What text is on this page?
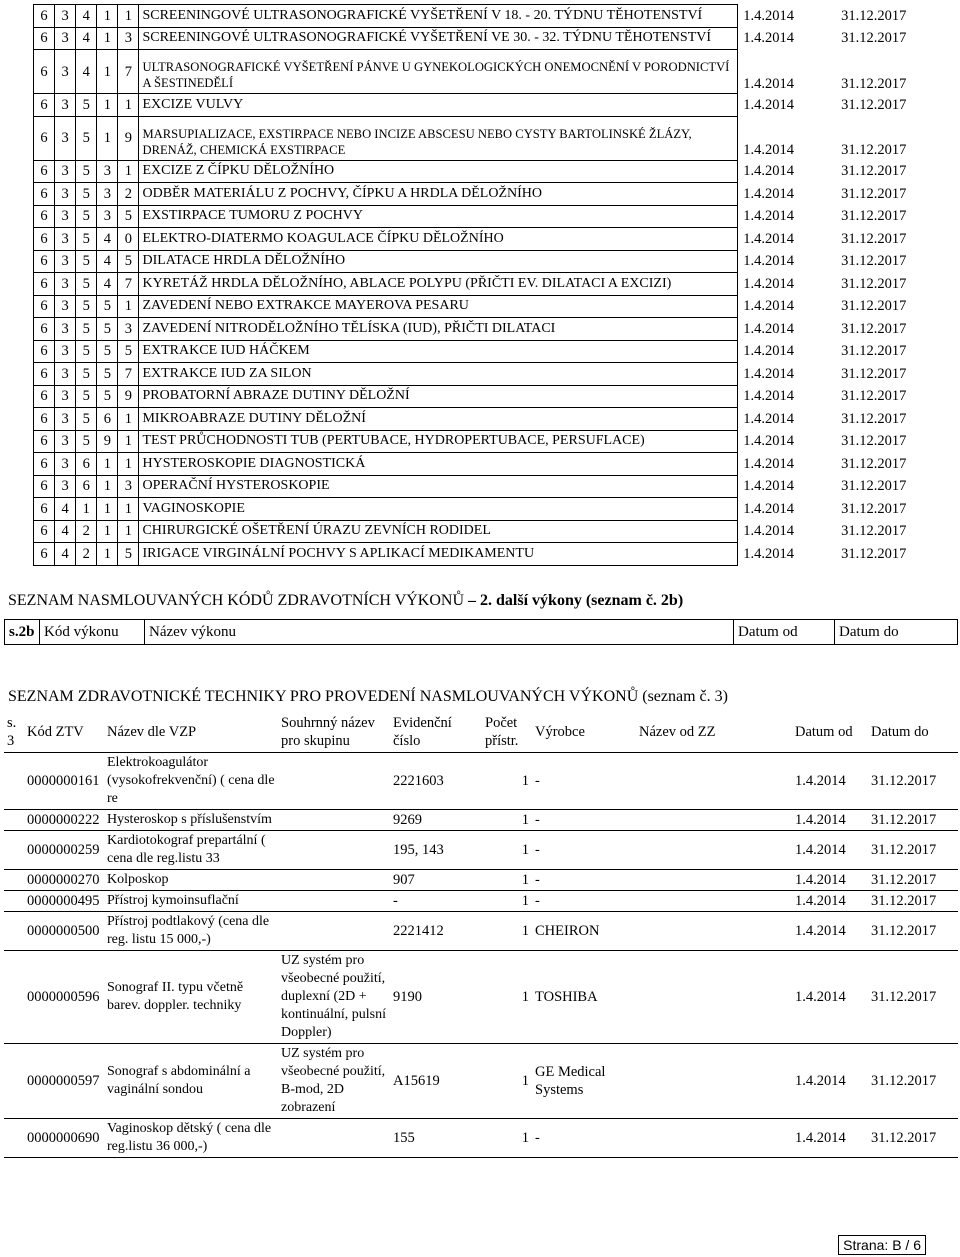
6	3	4	1	1	SCREENINGOVÉ ULTRASONOGRAFICKÉ VYŠETŘENÍ V 18. - 20. TÝDNU TĚHOTENSTVÍ	1.4.2014	31.12.2017
6	3	4	1	3	SCREENINGOVÉ ULTRASONOGRAFICKÉ VYŠETŘENÍ VE 30. - 32. TÝDNU TĚHOTENSTVÍ	1.4.2014	31.12.2017
6	3	4	1	7	ULTRASONOGRAFICKÉ VYŠETŘENÍ PÁNVE U GYNEKOLOGICKÝCH ONEMOCNĚNÍ V PORODNICTVÍ A ŠESTINEDĚLÍ	1.4.2014	31.12.2017
6	3	5	1	1	EXCIZE VULVY	1.4.2014	31.12.2017
6	3	5	1	9	MARSUPIALIZACE, EXSTIRPACE NEBO INCIZE ABSCESU NEBO CYSTY BARTOLINSKÉ ŽLÁZY, DRENÁŽ, CHEMICKÁ EXSTIRPACE	1.4.2014	31.12.2017
6	3	5	3	1	EXCIZE Z ČÍPKU DĚLOŽNÍHO	1.4.2014	31.12.2017
6	3	5	3	2	ODBĚR MATERIÁLU Z POCHVY, ČÍPKU A HRDLA DĚLOŽNÍHO	1.4.2014	31.12.2017
6	3	5	3	5	EXSTIRPACE TUMORU Z POCHVY	1.4.2014	31.12.2017
6	3	5	4	0	ELEKTRO-DIATERMO KOAGULACE ČÍPKU DĚLOŽNÍHO	1.4.2014	31.12.2017
6	3	5	4	5	DILATACE HRDLA DĚLOŽNÍHO	1.4.2014	31.12.2017
6	3	5	4	7	KYRETÁŽ HRDLA DĚLOŽNÍHO, ABLACE POLYPU (PŘIČTI EV. DILATACI A EXCIZI)	1.4.2014	31.12.2017
6	3	5	5	1	ZAVEDENÍ NEBO EXTRAKCE MAYEROVA PESARU	1.4.2014	31.12.2017
6	3	5	5	3	ZAVEDENÍ NITRODĚLOŽNÍHO TĚLÍSKA (IUD), PŘIČTI DILATACI	1.4.2014	31.12.2017
6	3	5	5	5	EXTRAKCE IUD HÁČKEM	1.4.2014	31.12.2017
6	3	5	5	7	EXTRAKCE IUD ZA SILON	1.4.2014	31.12.2017
6	3	5	5	9	PROBATORNÍ ABRAZE DUTINY DĚLOŽNÍ	1.4.2014	31.12.2017
6	3	5	6	1	MIKROABRAZE DUTINY DĚLOŽNÍ	1.4.2014	31.12.2017
6	3	5	9	1	TEST PRŮCHODNOSTI TUB (PERTUBACE, HYDROPERTUBACE, PERSUFLACE)	1.4.2014	31.12.2017
6	3	6	1	1	HYSTEROSKOPIE DIAGNOSTICKÁ	1.4.2014	31.12.2017
6	3	6	1	3	OPERAČNÍ HYSTEROSKOPIE	1.4.2014	31.12.2017
6	4	1	1	1	VAGINOSKOPIE	1.4.2014	31.12.2017
6	4	2	1	1	CHIRURGICKÉ OŠETŘENÍ ÚRAZU ZEVNÍCH RODIDEL	1.4.2014	31.12.2017
6	4	2	1	5	IRIGACE VIRGINÁLNÍ POCHVY S APLIKACÍ MEDIKAMENTU	1.4.2014	31.12.2017
SEZNAM NASMLOUVANÝCH KÓDŮ ZDRAVOTNÍCH VÝKONŮ – 2. další výkony (seznam č. 2b)
s.2b	Kód výkonu	Název výkonu	Datum od	Datum do
SEZNAM ZDRAVOTNICKÉ TECHNIKY PRO PROVEDENÍ NASMLOUVANÝCH VÝKONŮ (seznam č. 3)
s. 3	Kód ZTV	Název dle VZP	Souhrnný název pro skupinu	Evidenční číslo	Počet přístr.	Výrobce	Název od ZZ	Datum od	Datum do
	0000000161	Elektrokoagulátor (vysokofrekvenční) ( cena dle re		2221603	1	-		1.4.2014	31.12.2017
	0000000222	Hysteroskop s příslušenstvím		9269	1	-		1.4.2014	31.12.2017
	0000000259	Kardiotokograf prepartální ( cena dle reg.listu 33		195, 143	1	-		1.4.2014	31.12.2017
	0000000270	Kolposkop		907	1	-		1.4.2014	31.12.2017
	0000000495	Přístroj kymoinsuflační		-	1	-		1.4.2014	31.12.2017
	0000000500	Přístroj podtlakový (cena dle reg. listu 15 000,-)		2221412	1	CHEIRON		1.4.2014	31.12.2017
	0000000596	Sonograf II. typu včetně barev. doppler. techniky	UZ systém pro všeobecné použití, duplexní (2D + kontinuální, pulsní Doppler)	9190	1	TOSHIBA		1.4.2014	31.12.2017
	0000000597	Sonograf s abdominální a vaginální sondou	UZ systém pro všeobecné použití, B-mod, 2D zobrazení	A15619	1	GE Medical Systems		1.4.2014	31.12.2017
	0000000690	Vaginoskop dětský ( cena dle reg.listu 36 000,-)		155	1	-		1.4.2014	31.12.2017
Strana: B / 6
